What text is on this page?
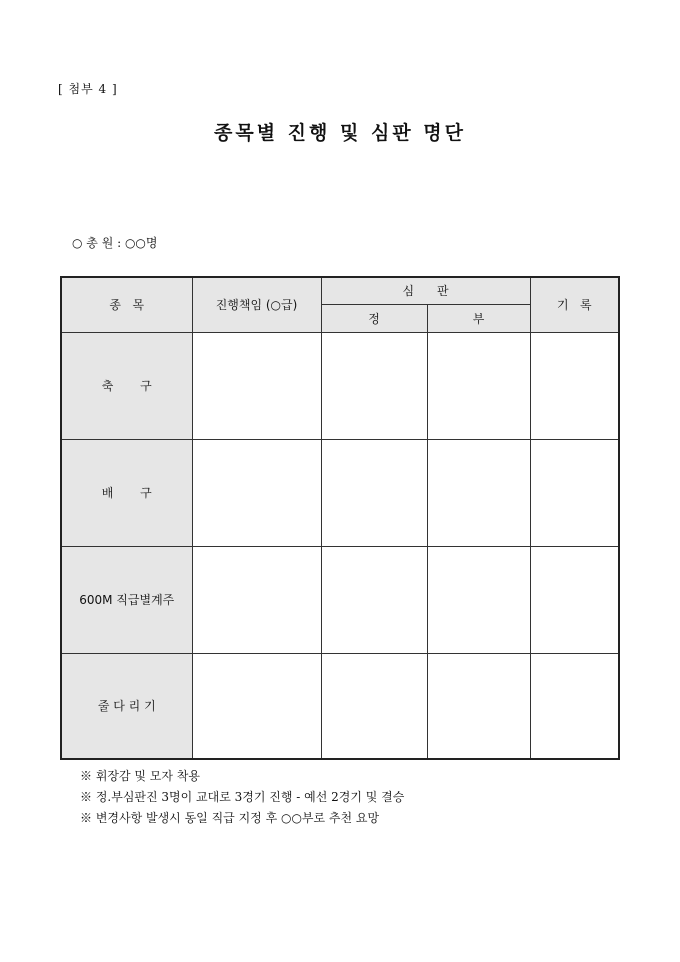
[ 첨부 4 ]
종목별 진행 및 심판 명단
○ 총 원 : ○○명
종   목	진행책임 (○급)	심      판		기   록
		정	부	
축       구				
배       구				
600M 직급별계주				
줄 다 리 기				
※ 휘장감 및 모자 착용
※ 정.부심판진 3명이 교대로 3경기 진행 - 예선 2경기 및 결승
※ 변경사항 발생시 동일 직급 지정 후 ○○부로 추천 요망
